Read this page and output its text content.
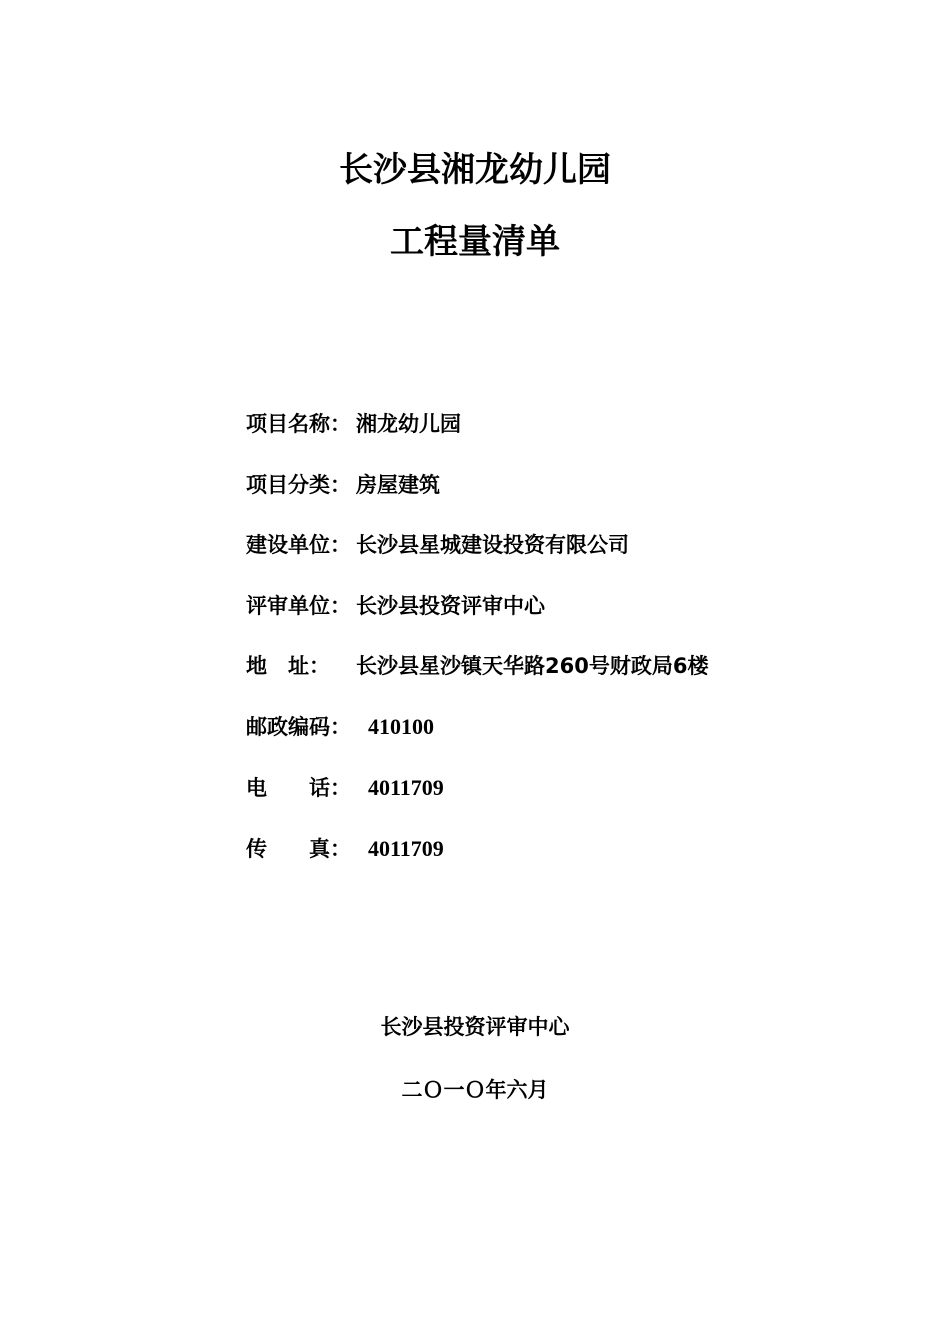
长沙县湘龙幼儿园
工程量清单
项目名称： 湘龙幼儿园
项目分类： 房屋建筑
建设单位： 长沙县星城建设投资有限公司
评审单位： 长沙县投资评审中心
地　址： 长沙县星沙镇天华路260号财政局6楼
邮政编码： 410100
电　　话： 4011709
传　　真： 4011709
长沙县投资评审中心
二Ｏ一Ｏ年六月
